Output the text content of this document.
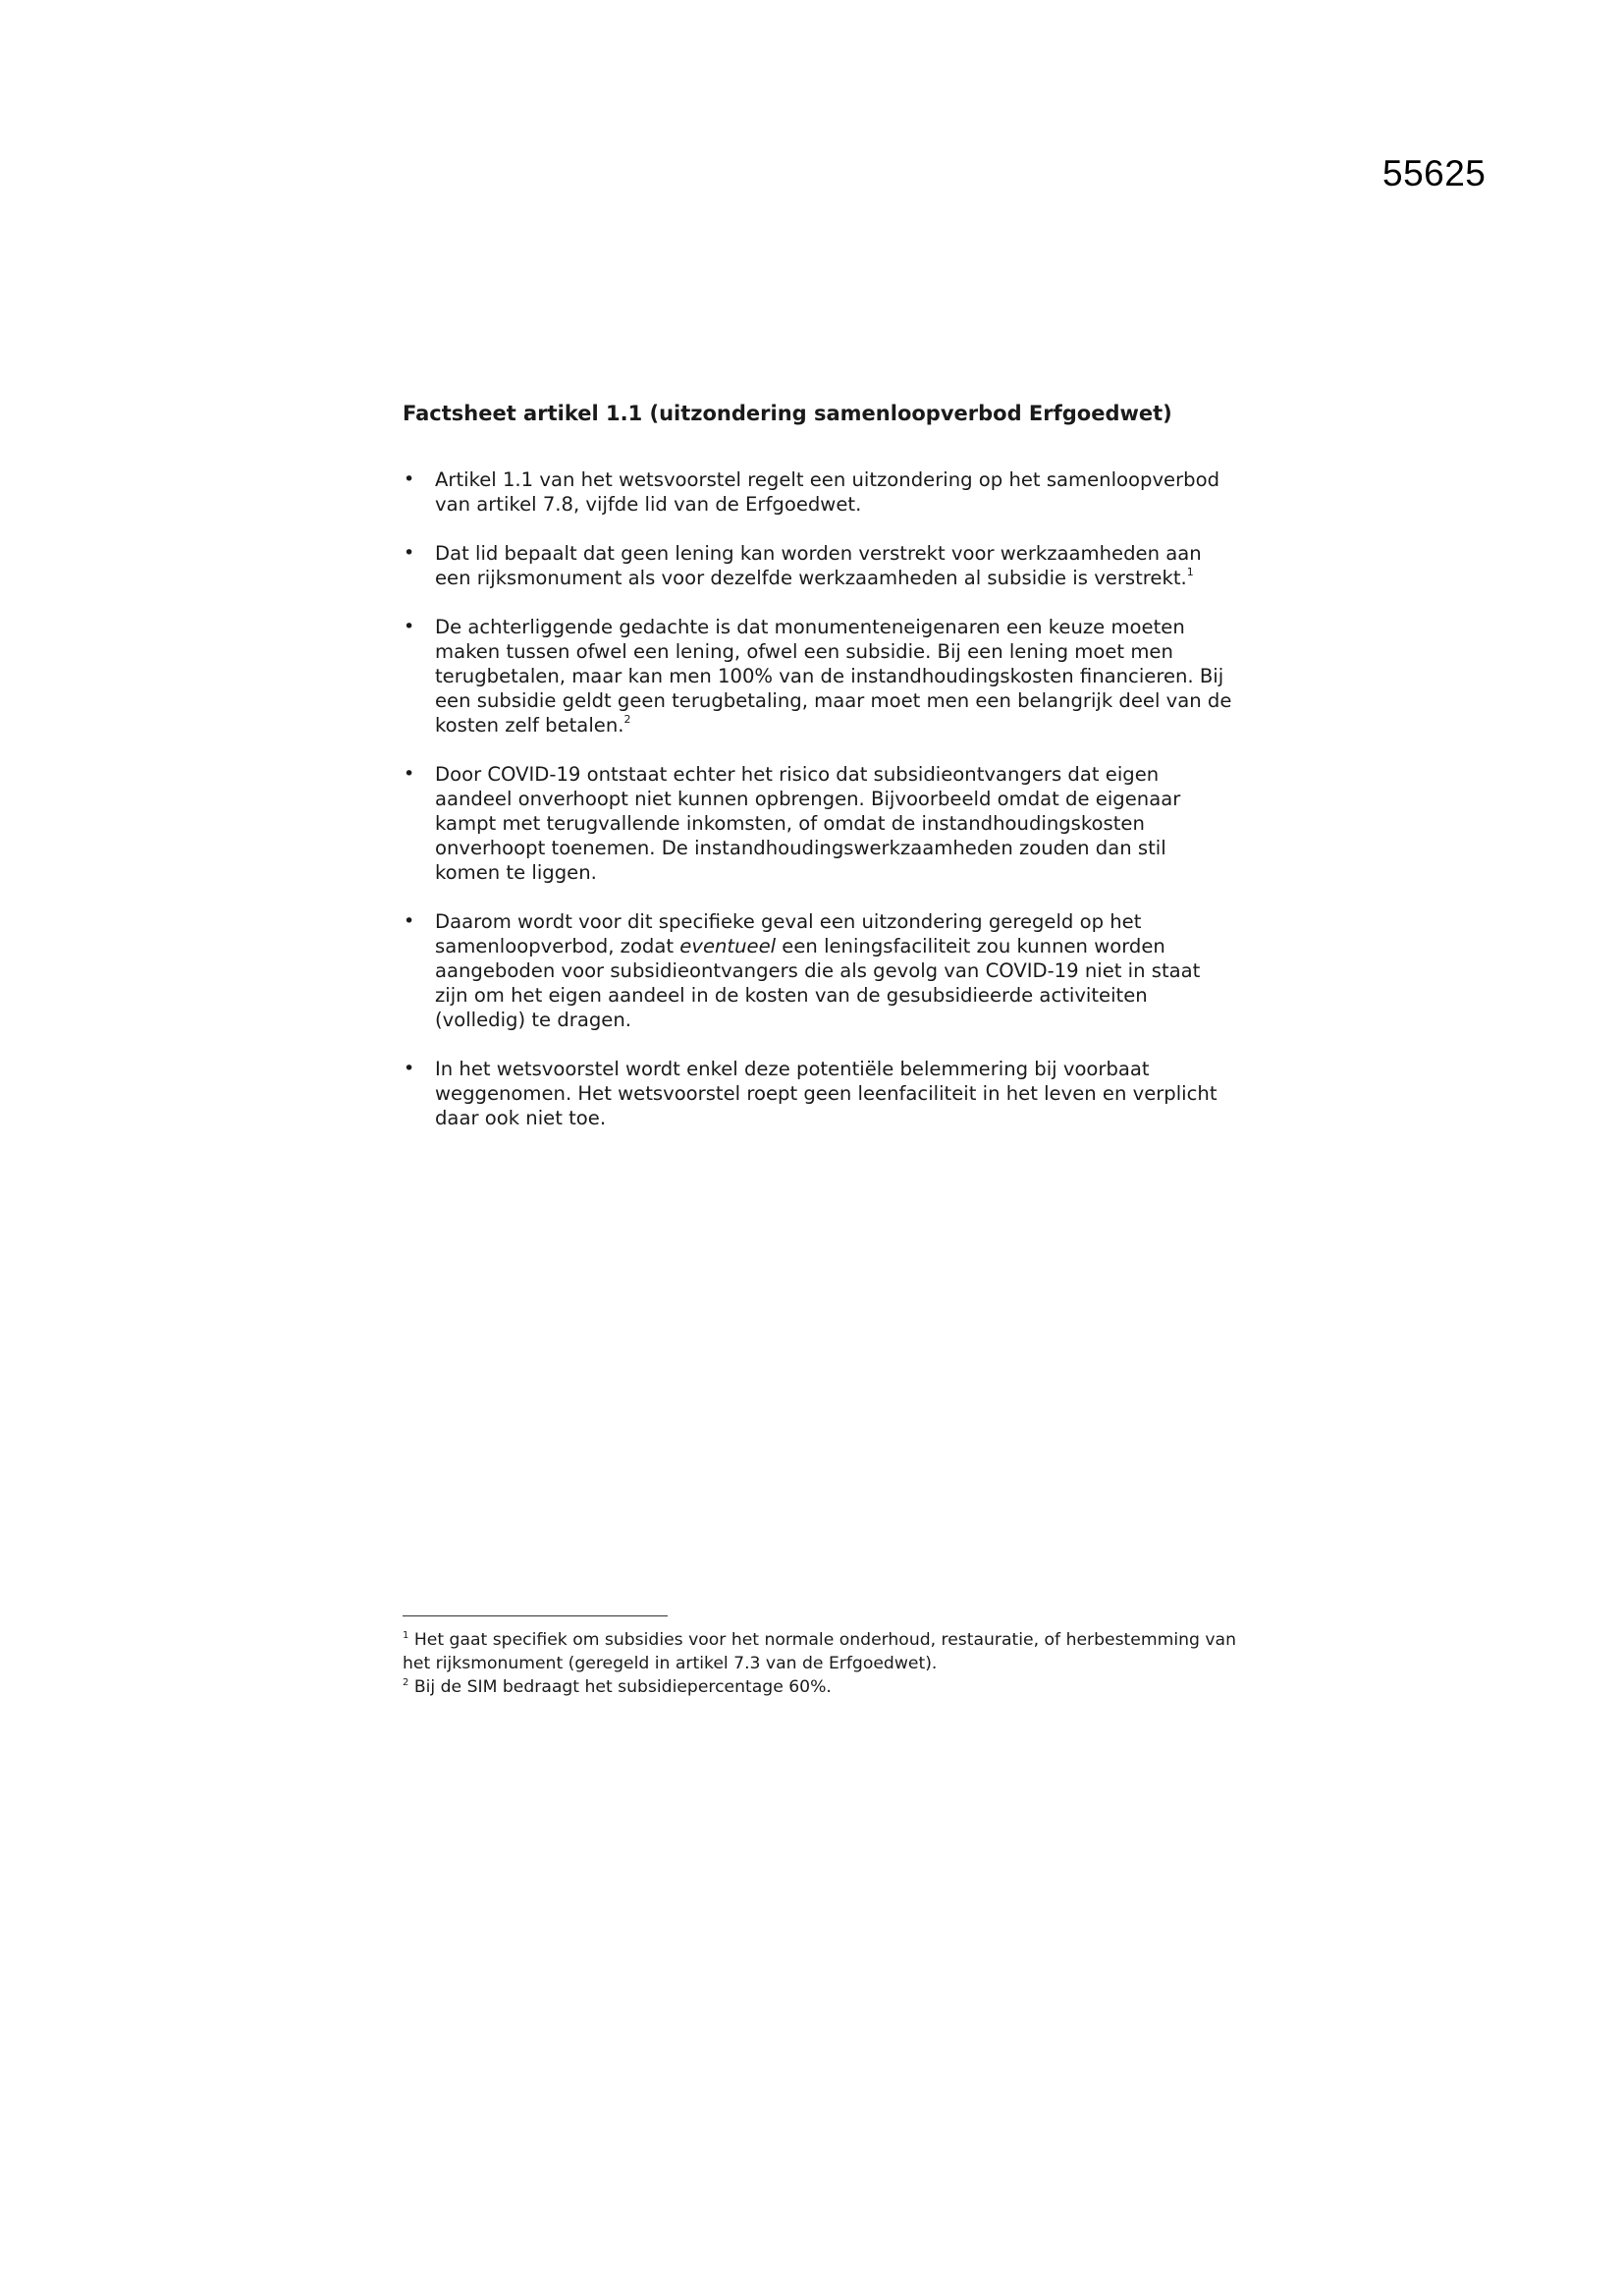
55625
Factsheet artikel 1.1 (uitzondering samenloopverbod Erfgoedwet)
• Artikel 1.1 van het wetsvoorstel regelt een uitzondering op het samenloopverbod van artikel 7.8, vijfde lid van de Erfgoedwet.
• Dat lid bepaalt dat geen lening kan worden verstrekt voor werkzaamheden aan een rijksmonument als voor dezelfde werkzaamheden al subsidie is verstrekt.$^1$
• De achterliggende gedachte is dat monumenteneigenaren een keuze moeten maken tussen ofwel een lening, ofwel een subsidie. Bij een lening moet men terugbetalen, maar kan men 100% van de instandhoudingskosten financieren. Bij een subsidie geldt geen terugbetaling, maar moet men een belangrijk deel van de kosten zelf betalen.$^2$
• Door COVID-19 ontstaat echter het risico dat subsidieontvangers dat eigen aandeel onverhoopt niet kunnen opbrengen. Bijvoorbeeld omdat de eigenaar kampt met terugvallende inkomsten, of omdat de instandhoudingskosten onverhoopt toenemen. De instandhoudingswerkzaamheden zouden dan stil komen te liggen.
• Daarom wordt voor dit specifieke geval een uitzondering geregeld op het samenloopverbod, zodat eventueel een leningsfaciliteit zou kunnen worden aangeboden voor subsidieontvangers die als gevolg van COVID-19 niet in staat zijn om het eigen aandeel in de kosten van de gesubsidieerde activiteiten (volledig) te dragen.
• In het wetsvoorstel wordt enkel deze potentiële belemmering bij voorbaat weggenomen. Het wetsvoorstel roept geen leenfaciliteit in het leven en verplicht daar ook niet toe.

$^1$ Het gaat specifiek om subsidies voor het normale onderhoud, restauratie, of herbestemming van het rijksmonument (geregeld in artikel 7.3 van de Erfgoedwet).

$^2$ Bij de SIM bedraagt het subsidiepercentage 60%.
